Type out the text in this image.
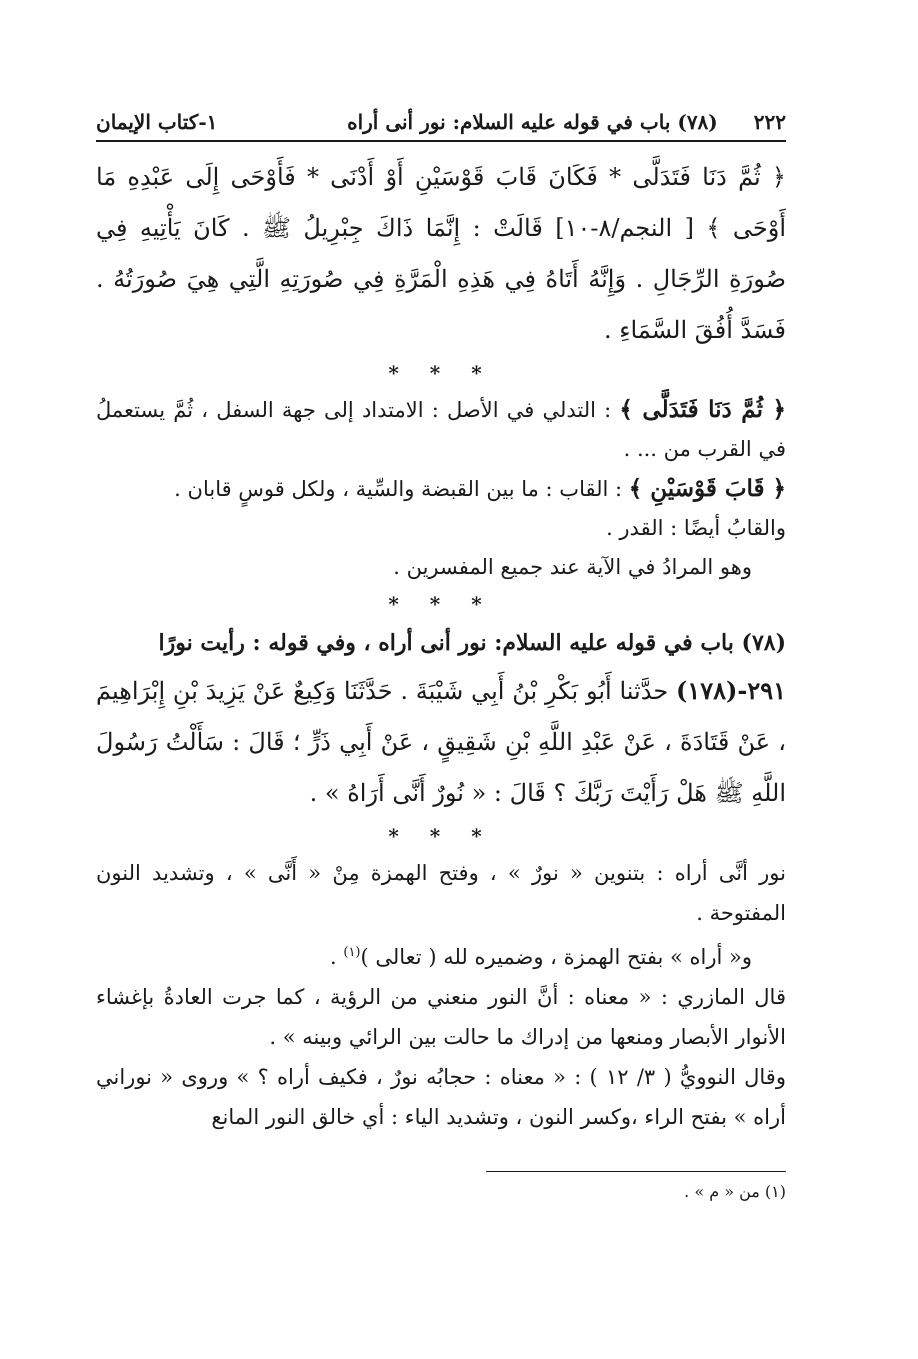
٢٢٢
(٧٨) باب في قوله عليه السلام: نور أنى أراه
١-كتاب الإيمان

﴿ ثُمَّ دَنَا فَتَدَلَّى * فَكَانَ قَابَ قَوْسَيْنِ أَوْ أَدْنَى * فَأَوْحَى إِلَى عَبْدِهِ مَا أَوْحَى ﴾ [ النجم/٨-١٠] قَالَتْ : إِنَّمَا ذَاكَ جِبْرِيلُ ﷺ . كَانَ يَأْتِيهِ فِي صُورَةِ الرِّجَالِ . وَإِنَّهُ أَتَاهُ فِي هَذِهِ الْمَرَّةِ فِي صُورَتِهِ الَّتِي هِيَ صُورَتُهُ . فَسَدَّ أُفُقَ السَّمَاءِ .

* * *

﴿ ثُمَّ دَنَا فَتَدَلَّى ﴾ : التدلي في الأصل : الامتداد إلى جهة السفل ، ثُمَّ يستعملُ في القرب من ... .

﴿ قَابَ قَوْسَيْنِ ﴾ : القاب : ما بين القبضة والسِّية ، ولكل قوسٍ قابان .

والقابُ أيضًا : القدر .

وهو المرادُ في الآية عند جميع المفسرين .

* * *

(٧٨) باب في قوله عليه السلام: نور أنى أراه ، وفي قوله : رأيت نورًا

٢٩١-(١٧٨) حدَّثنا أَبُو بَكْرِ بْنُ أَبِي شَيْبَةَ . حَدَّثَنَا وَكِيعٌ عَنْ يَزِيدَ بْنِ إِبْرَاهِيمَ ، عَنْ قَتَادَةَ ، عَنْ عَبْدِ اللَّهِ بْنِ شَقِيقٍ ، عَنْ أَبِي ذَرٍّ ؛ قَالَ : سَأَلْتُ رَسُولَ اللَّهِ ﷺ هَلْ رَأَيْتَ رَبَّكَ ؟ قَالَ : « نُورٌ أَنَّى أَرَاهُ » .

* * *

نور أنَّى أراه : بتنوين « نورٌ » ، وفتح الهمزة مِنْ « أَنَّى » ، وتشديد النون المفتوحة .

و« أراه » بفتح الهمزة ، وضميره لله ( تعالى )$^{(١)}$ .

قال المازري : « معناه : أنَّ النور منعني من الرؤية ، كما جرت العادةُ بإغشاء الأنوار الأبصار ومنعها من إدراك ما حالت بين الرائي وبينه » .

وقال النوويُّ ( ٣/ ١٢ ) : « معناه : حجابُه نورٌ ، فكيف أراه ؟ » وروى « نوراني أراه » بفتح الراء ،وكسر النون ، وتشديد الياء : أي خالق النور المانع

(١) من « م » .
